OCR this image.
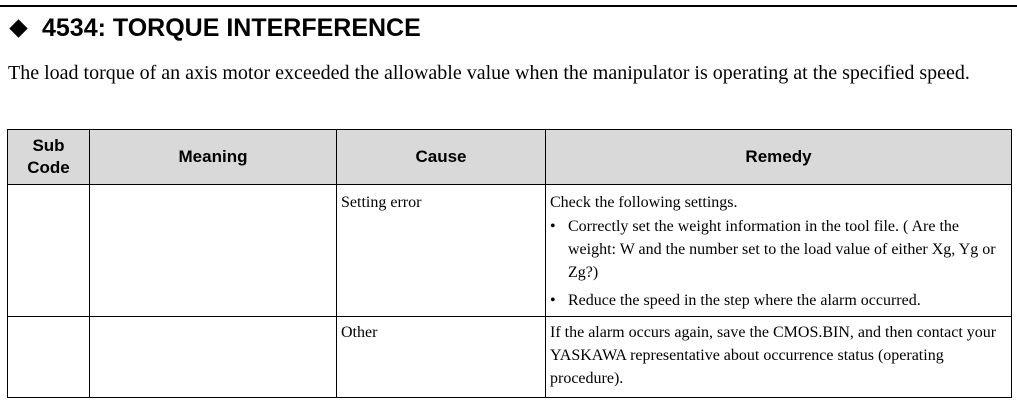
4534: TORQUE INTERFERENCE
The load torque of an axis motor exceeded the allowable value when the manipulator is operating at the specified speed.
Sub Code	Meaning	Cause	Remedy
		Setting error	Check the following settings.
• Correctly set the weight information in the tool file. ( Are the weight: W and the number set to the load value of either Xg, Yg or Zg?)
• Reduce the speed in the step where the alarm occurred.

		Other	If the alarm occurs again, save the CMOS.BIN, and then contact your YASKAWA representative about occurrence status (operating procedure).
